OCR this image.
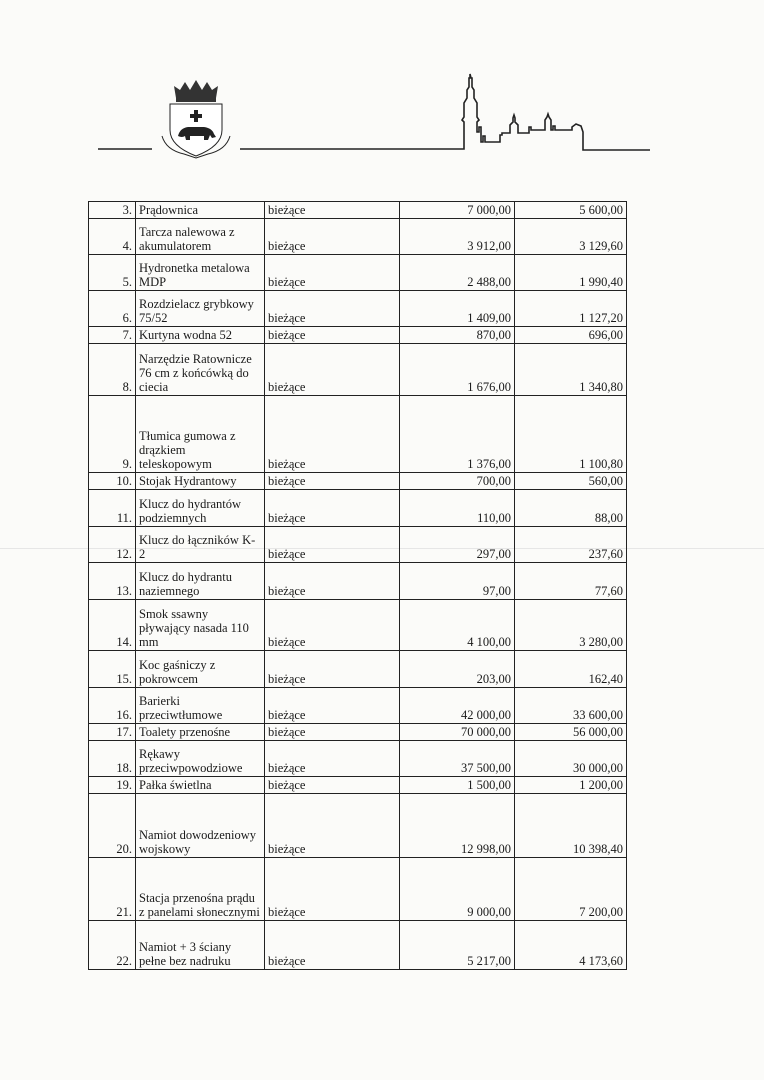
3.	Prądownica	bieżące	7 000,00	5 600,00
4.	Tarcza nalewowa z akumulatorem	bieżące	3 912,00	3 129,60
5.	Hydronetka metalowa MDP	bieżące	2 488,00	1 990,40
6.	Rozdzielacz grybkowy 75/52	bieżące	1 409,00	1 127,20
7.	Kurtyna wodna 52	bieżące	870,00	696,00
8.	Narzędzie Ratownicze 76 cm z końcówką do ciecia	bieżące	1 676,00	1 340,80
9.	Tłumica gumowa z drązkiem teleskopowym	bieżące	1 376,00	1 100,80
10.	Stojak Hydrantowy	bieżące	700,00	560,00
11.	Klucz do hydrantów podziemnych	bieżące	110,00	88,00
12.	Klucz do łączników K-2	bieżące	297,00	237,60
13.	Klucz do hydrantu naziemnego	bieżące	97,00	77,60
14.	Smok ssawny pływający nasada 110 mm	bieżące	4 100,00	3 280,00
15.	Koc gaśniczy z pokrowcem	bieżące	203,00	162,40
16.	Barierki przeciwtłumowe	bieżące	42 000,00	33 600,00
17.	Toalety przenośne	bieżące	70 000,00	56 000,00
18.	Rękawy przeciwpowodziowe	bieżące	37 500,00	30 000,00
19.	Pałka świetlna	bieżące	1 500,00	1 200,00
20.	Namiot dowodzeniowy wojskowy	bieżące	12 998,00	10 398,40
21.	Stacja przenośna prądu z panelami słonecznymi	bieżące	9 000,00	7 200,00
22.	Namiot + 3 ściany pełne bez nadruku	bieżące	5 217,00	4 173,60
